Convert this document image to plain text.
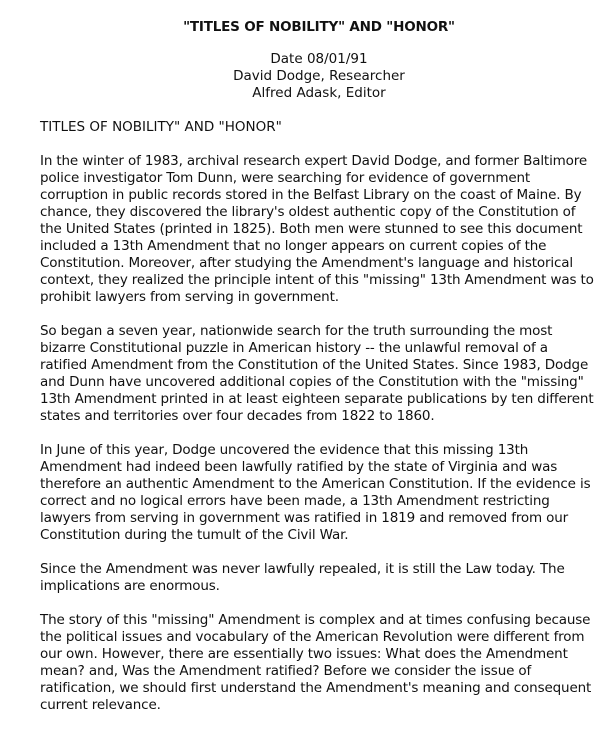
"TITLES OF NOBILITY" AND "HONOR"
Date 08/01/91
David Dodge, Researcher
Alfred Adask, Editor
TITLES OF NOBILITY" AND "HONOR"

In the winter of 1983, archival research expert David Dodge, and former Baltimore police investigator Tom Dunn, were searching for evidence of government corruption in public records stored in the Belfast Library on the coast of Maine. By chance, they discovered the library's oldest authentic copy of the Constitution of the United States (printed in 1825). Both men were stunned to see this document included a 13th Amendment that no longer appears on current copies of the Constitution. Moreover, after studying the Amendment's language and historical context, they realized the principle intent of this "missing" 13th Amendment was to prohibit lawyers from serving in government.

So began a seven year, nationwide search for the truth surrounding the most bizarre Constitutional puzzle in American history -- the unlawful removal of a ratified Amendment from the Constitution of the United States. Since 1983, Dodge and Dunn have uncovered additional copies of the Constitution with the "missing" 13th Amendment printed in at least eighteen separate publications by ten different states and territories over four decades from 1822 to 1860.

In June of this year, Dodge uncovered the evidence that this missing 13th Amendment had indeed been lawfully ratified by the state of Virginia and was therefore an authentic Amendment to the American Constitution. If the evidence is correct and no logical errors have been made, a 13th Amendment restricting lawyers from serving in government was ratified in 1819 and removed from our Constitution during the tumult of the Civil War.

Since the Amendment was never lawfully repealed, it is still the Law today. The implications are enormous.

The story of this "missing" Amendment is complex and at times confusing because the political issues and vocabulary of the American Revolution were different from our own. However, there are essentially two issues: What does the Amendment mean? and, Was the Amendment ratified? Before we consider the issue of ratification, we should first understand the Amendment's meaning and consequent current relevance.
